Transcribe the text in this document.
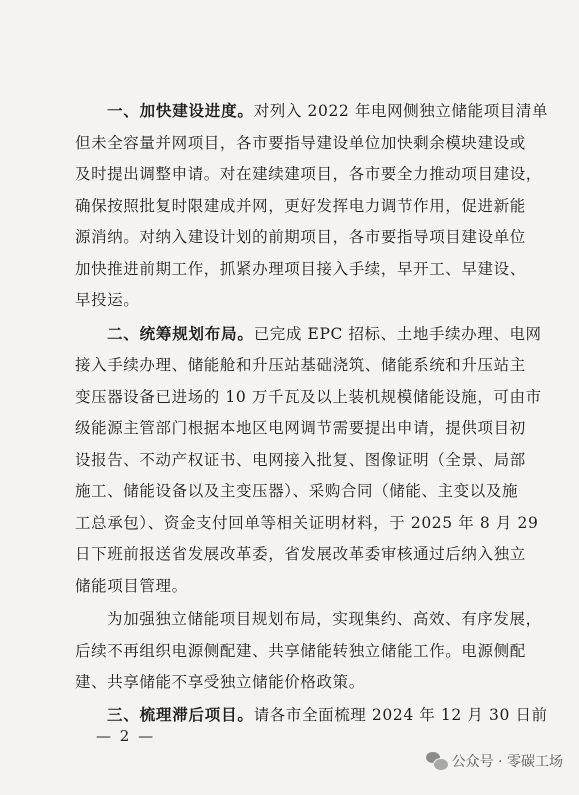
一、加快建设进度。对列入 2022 年电网侧独立储能项目清单
但未全容量并网项目，各市要指导建设单位加快剩余模块建设或
及时提出调整申请。对在建续建项目，各市要全力推动项目建设，
确保按照批复时限建成并网，更好发挥电力调节作用，促进新能
源消纳。对纳入建设计划的前期项目，各市要指导项目建设单位
加快推进前期工作，抓紧办理项目接入手续，早开工、早建设、
早投运。

二、统筹规划布局。已完成 EPC 招标、土地手续办理、电网
接入手续办理、储能舱和升压站基础浇筑、储能系统和升压站主
变压器设备已进场的 10 万千瓦及以上装机规模储能设施，可由市
级能源主管部门根据本地区电网调节需要提出申请，提供项目初
设报告、不动产权证书、电网接入批复、图像证明（全景、局部
施工、储能设备以及主变压器）、采购合同（储能、主变以及施
工总承包）、资金支付回单等相关证明材料，于 2025 年 8 月 29
日下班前报送省发展改革委，省发展改革委审核通过后纳入独立
储能项目管理。

为加强独立储能项目规划布局，实现集约、高效、有序发展，
后续不再组织电源侧配建、共享储能转独立储能工作。电源侧配
建、共享储能不享受独立储能价格政策。

三、梳理滞后项目。请各市全面梳理 2024 年 12 月 30 日前
— 2 —
公众号 · 零碳工场
